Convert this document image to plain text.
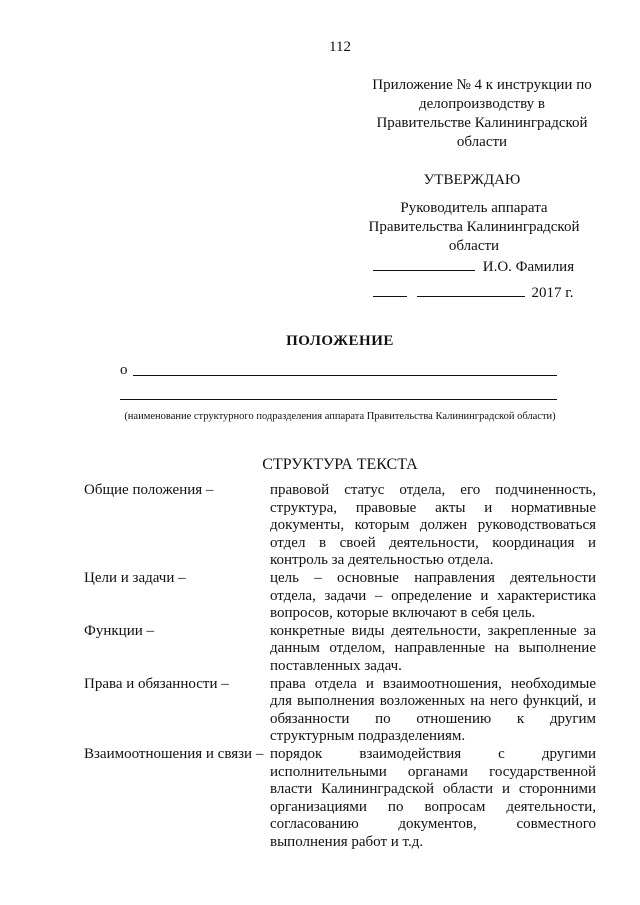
112
Приложение № 4 к инструкции по
делопроизводству в
Правительстве Калининградской
области
УТВЕРЖДАЮ
Руководитель аппарата
Правительства Калининградской
области
И.О. Фамилия
2017 г.
ПОЛОЖЕНИЕ
о
(наименование структурного подразделения аппарата Правительства Калининградской области)
СТРУКТУРА ТЕКСТА
Общие положения –	правовой статус отдела, его подчиненность, структура, правовые акты и нормативные документы, которым должен руководствоваться отдел в своей деятельности, координация и контроль за деятельностью отдела.
Цели и задачи –	цель – основные направления деятельности отдела, задачи – определение и характеристика вопросов, которые включают в себя цель.
Функции –	конкретные виды деятельности, закрепленные за данным отделом, направленные на выполнение поставленных задач.
Права и обязанности –	права отдела и взаимоотношения, необходимые для выполнения возложенных на него функций, и обязанности по отношению к другим структурным подразделениям.
Взаимоотношения и связи – порядок взаимодействия с другими исполнительными органами государственной власти Калининградской области и сторонними организациями по вопросам деятельности, согласованию документов, совместного выполнения работ и т.д.
